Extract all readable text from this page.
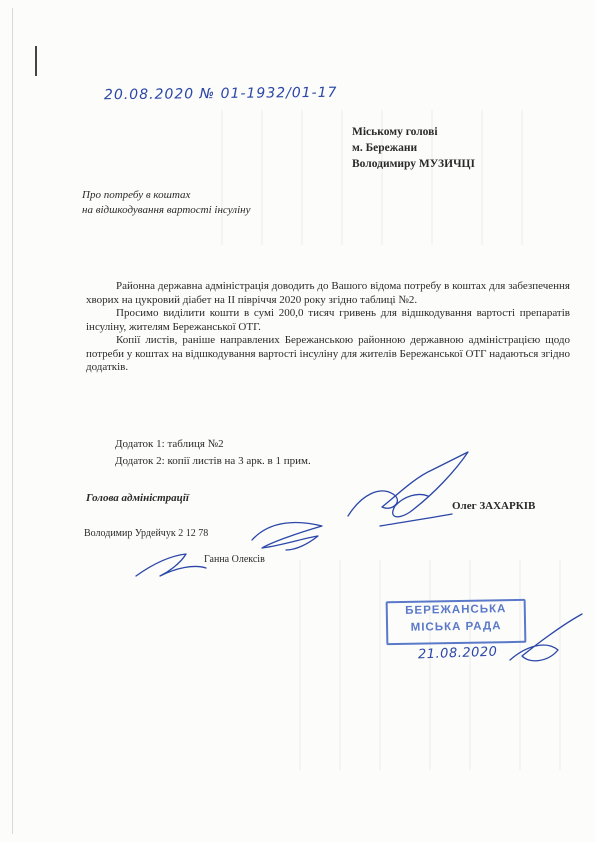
20.08.2020 № 01-1932/01-17
Міському голові
м. Бережани
Володимиру МУЗИЧЦІ
Про потребу в коштах
на відшкодування вартості інсуліну

Районна державна адміністрація доводить до Вашого відома потребу в коштах для забезпечення хворих на цукровий діабет на ІІ півріччя 2020 року згідно таблиці №2.

Просимо виділити кошти в сумі 200,0 тисяч гривень для відшкодування вартості препаратів інсуліну, жителям Бережанської ОТГ.

Копії листів, раніше направлених Бережанською районною державною адміністрацією щодо потреби у коштах на відшкодування вартості інсуліну для жителів Бережанської ОТГ надаються згідно додатків.

Додаток 1: таблиця №2
Додаток 2: копії листів на 3 арк. в 1 прим.
Голова адміністрації
Олег ЗАХАРКІВ
Володимир Урдейчук 2 12 78
Ганна Олексів
БЕРЕЖАНСЬКА
МІСЬКА РАДА
21.08.2020
